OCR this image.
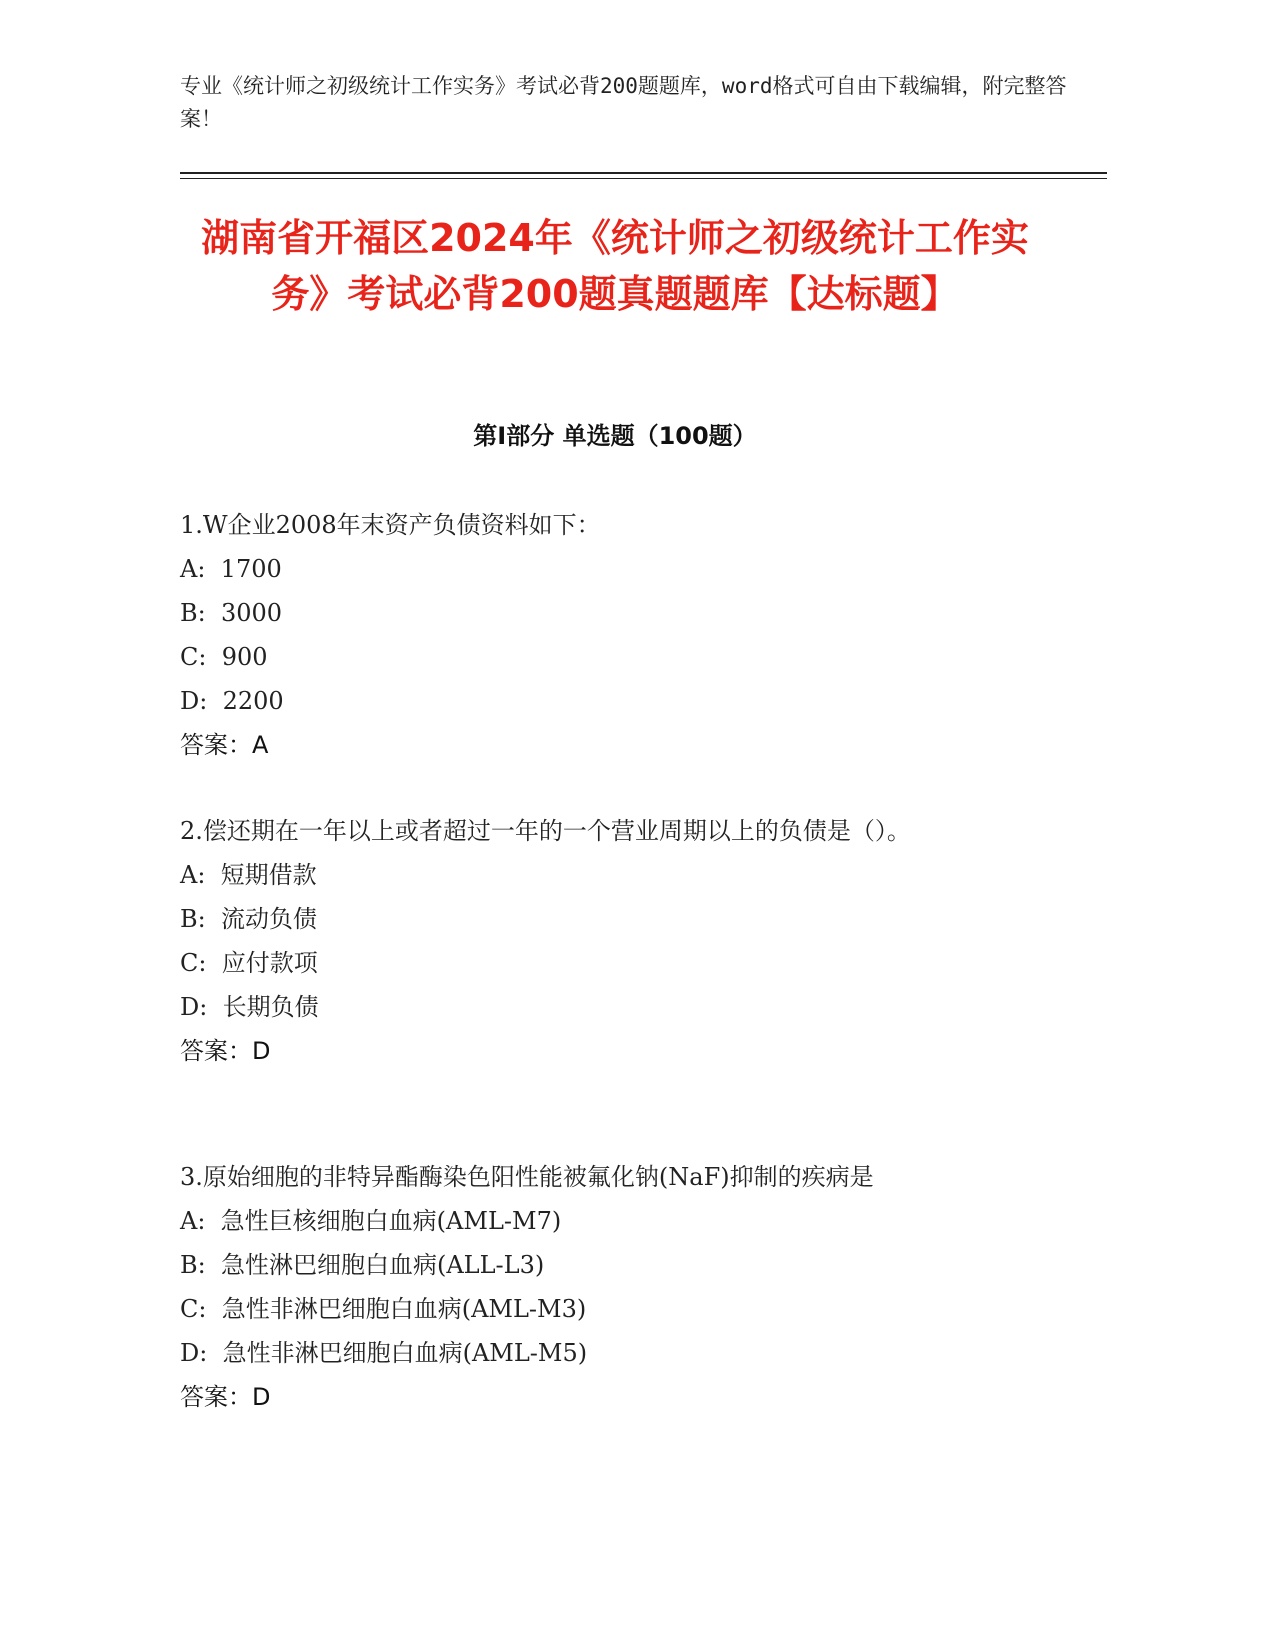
专业《统计师之初级统计工作实务》考试必背200题题库，word格式可自由下载编辑，附完整答案！
湖南省开福区2024年《统计师之初级统计工作实务》考试必背200题真题题库【达标题】
第I部分 单选题（100题）
1.W企业2008年末资产负债资料如下：
A:  1700
B:  3000
C:  900
D:  2200
答案：A
2.偿还期在一年以上或者超过一年的一个营业周期以上的负债是（）。
A:  短期借款
B:  流动负债
C:  应付款项
D:  长期负债
答案：D
3.原始细胞的非特异酯酶染色阳性能被氟化钠(NaF)抑制的疾病是
A:  急性巨核细胞白血病(AML-M7)
B:  急性淋巴细胞白血病(ALL-L3)
C:  急性非淋巴细胞白血病(AML-M3)
D:  急性非淋巴细胞白血病(AML-M5)
答案：D
